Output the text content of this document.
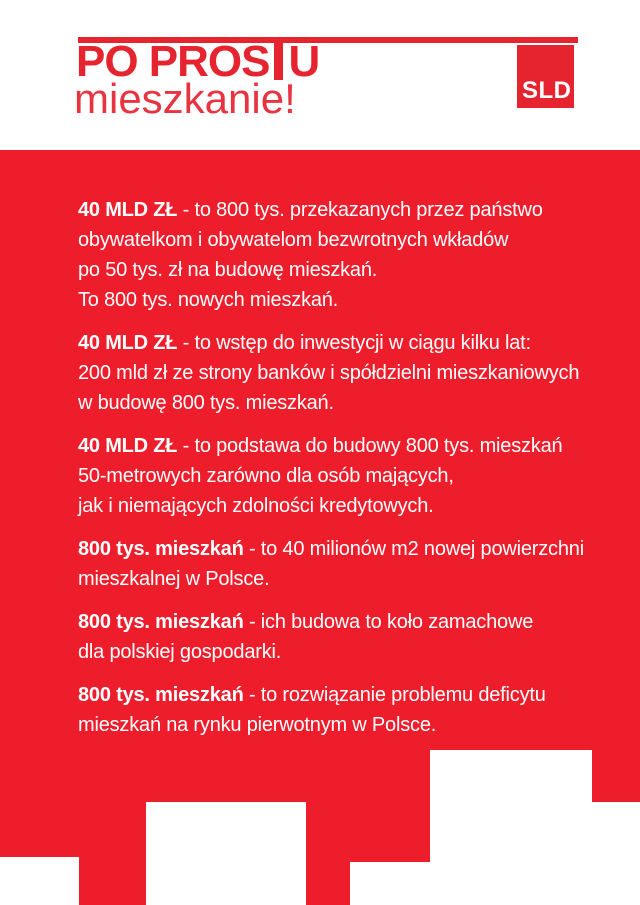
PO PROS U
mieszkanie!	SLD

40 MLD ZŁ - to 800 tys. przekazanych przez państwo
obywatelkom i obywatelom bezwrotnych wkładów
po 50 tys. zł na budowę mieszkań.
To 800 tys. nowych mieszkań.

40 MLD ZŁ - to wstęp do inwestycji w ciągu kilku lat:
200 mld zł ze strony banków i spółdzielni mieszkaniowych
w budowę 800 tys. mieszkań.

40 MLD ZŁ - to podstawa do budowy 800 tys. mieszkań
50-metrowych zarówno dla osób mających,
jak i niemających zdolności kredytowych.

800 tys. mieszkań - to 40 milionów m2 nowej powierzchni
mieszkalnej w Polsce.

800 tys. mieszkań - ich budowa to koło zamachowe
dla polskiej gospodarki.

800 tys. mieszkań - to rozwiązanie problemu deficytu
mieszkań na rynku pierwotnym w Polsce.
